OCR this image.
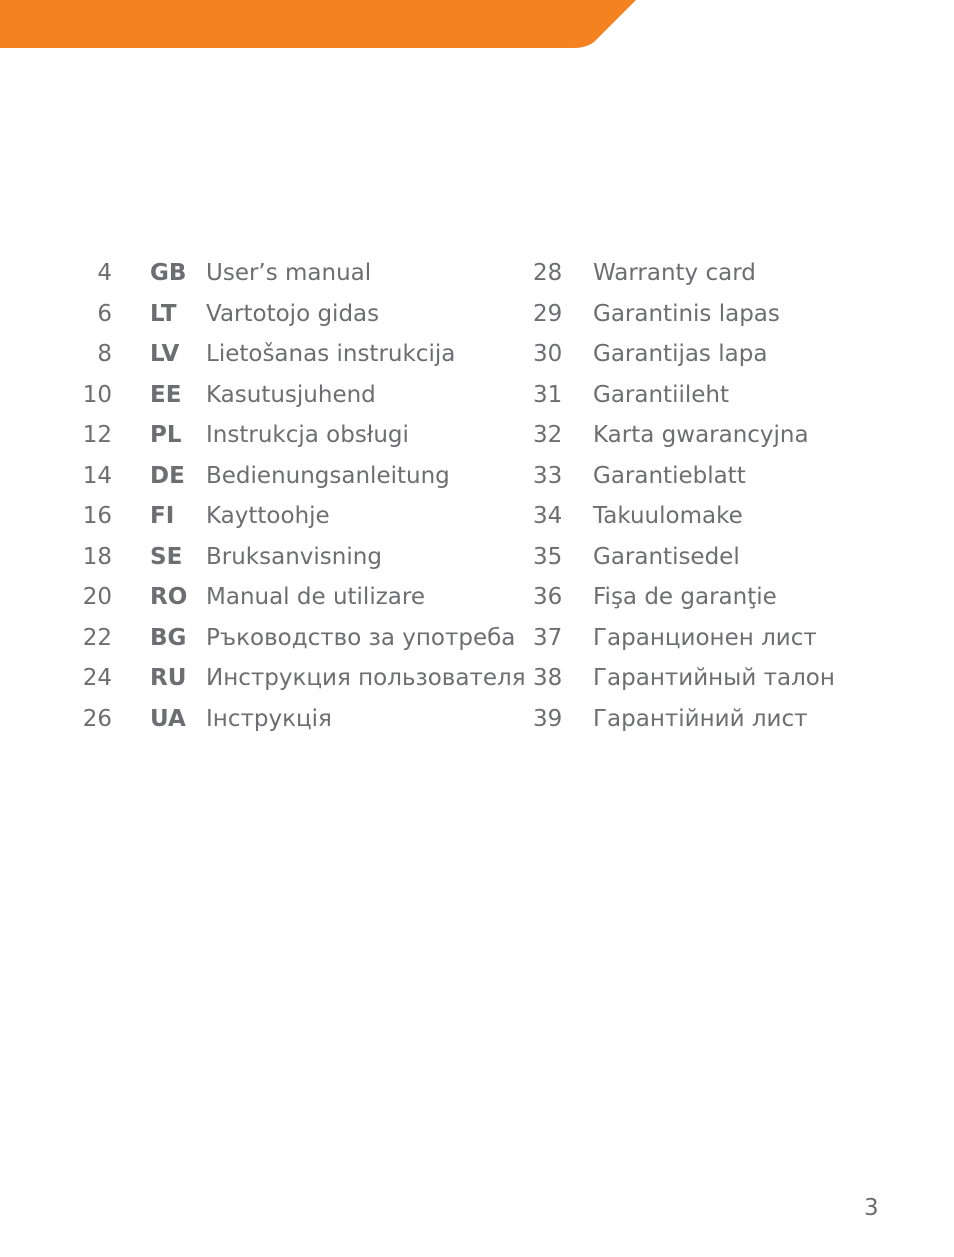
4 GB User’s manual
6 LT Vartotojo gidas
8 LV Lietošanas instrukcija
10 EE Kasutusjuhend
12 PL Instrukcja obsługi
14 DE Bedienungsanleitung
16 FI Kayttoohje
18 SE Bruksanvisning
20 RO Manual de utilizare
22 BG Ръководство за употреба
24 RU Инструкция пользователя
26 UA Інструкція
28 Warranty card
29 Garantinis lapas
30 Garantijas lapa
31 Garantiileht
32 Karta gwarancyjna
33 Garantieblatt
34 Takuulomake
35 Garantisedel
36 Fişa de garanţie
37 Гаранционен лист
38 Гарантийный талон
39 Гарантійний лист
3
